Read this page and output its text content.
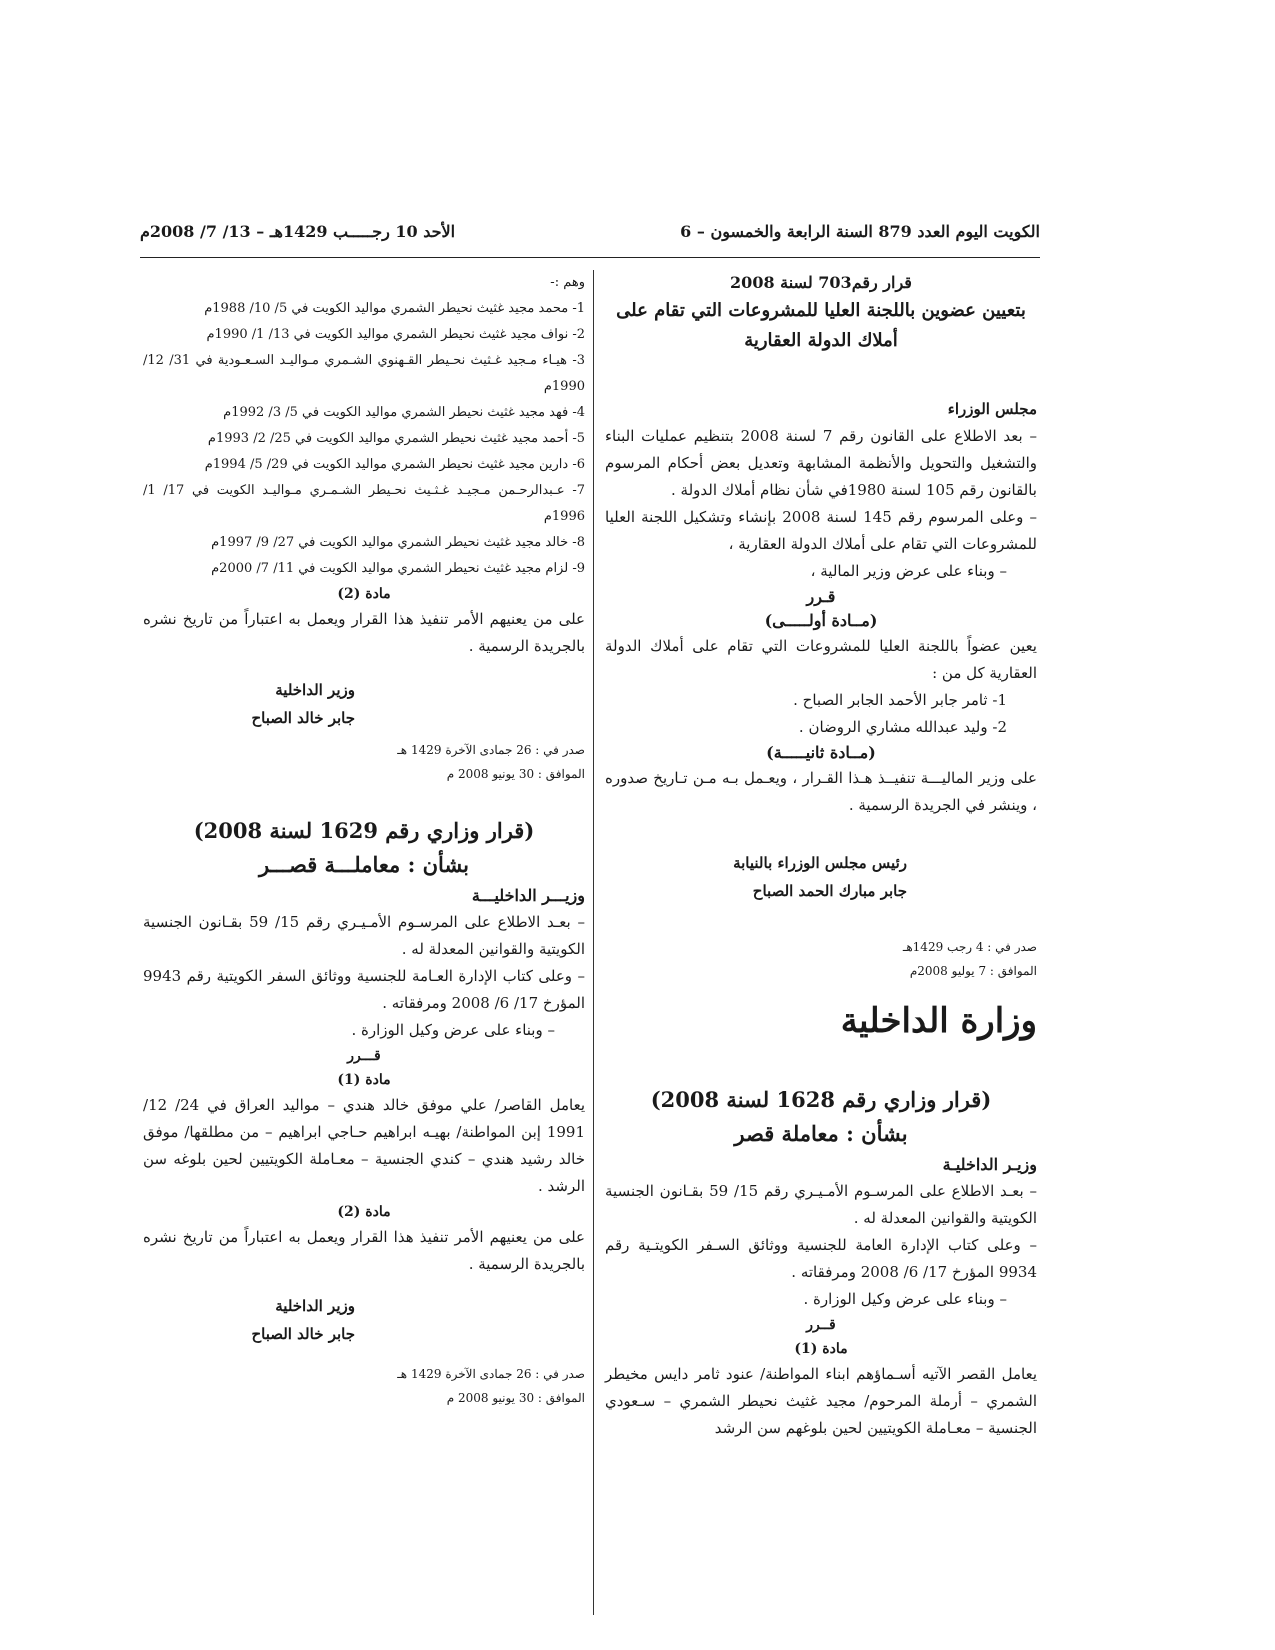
الكويت اليوم العدد 879 السنة الرابعة والخمسون – 6
الأحد 10 رجـــــب 1429هـ – 13/ 7/ 2008م

قرار رقم703 لسنة 2008

بتعيين عضوين باللجنة العليا للمشروعات التي تقام على أملاك الدولة العقارية

مجلس الوزراء

– بعد الاطلاع على القانون رقم 7 لسنة 2008 بتنظيم عمليات البناء والتشغيل والتحويل والأنظمة المشابهة وتعديل بعض أحكام المرسوم بالقانون رقم 105 لسنة 1980في شأن نظام أملاك الدولة .

– وعلى المرسوم رقم 145 لسنة 2008 بإنشاء وتشكيل اللجنة العليا للمشروعات التي تقام على أملاك الدولة العقارية ،

– وبناء على عرض وزير المالية ،

قـرر

(مــادة أولـــــى)

يعين عضواً باللجنة العليا للمشروعات التي تقام على أملاك الدولة العقارية كل من :

1- ثامر جابر الأحمد الجابر الصباح .

2- وليد عبدالله مشاري الروضان .

(مــادة ثانيـــــة)

على وزير الماليـــة تنفيــذ هـذا القـرار ، ويعـمل بـه مـن تـاريخ صدوره ، وينشر في الجريدة الرسمية .

رئيس مجلس الوزراء بالنيابة

جابر مبارك الحمد الصباح

صدر في : 4 رجب 1429هـ

الموافق : 7 يوليو 2008م

وزارة الداخلية

(قرار وزاري رقم 1628 لسنة 2008)

بشأن : معاملة قصر

وزيـر الداخليـة

– بعـد الاطلاع على المرسـوم الأمـيـري رقم 15/ 59 بقـانون الجنسية الكويتية والقوانين المعدلة له .

– وعلى كتاب الإدارة العامة للجنسية ووثائق السـفر الكويتـية رقم 9934 المؤرخ 17/ 6/ 2008 ومرفقاته .

– وبناء على عرض وكيل الوزارة .

قــرر

مادة (1)

يعامل القصر الآتيه أسـماؤهم ابناء المواطنة/ عنود ثامر دايس مخيطر الشمري – أرملة المرحوم/ مجيد غثيث نحيطر الشمري – سـعودي الجنسية – معـاملة الكويتيين لحين بلوغهم سن الرشد

وهم :-

1- محمد مجيد غثيث نحيطر الشمري مواليد الكويت في 5/ 10/ 1988م

2- نواف مجيد غثيث نحيطر الشمري مواليد الكويت في 13/ 1/ 1990م

3- هيـاء مـجيد غـثيث نحـيطر القـهنوي الشـمري مـواليـد السـعـودية في 31/ 12/ 1990م

4- فهد مجيد غثيث نحيطر الشمري مواليد الكويت في 5/ 3/ 1992م

5- أحمد مجيد غثيث نحيطر الشمري مواليد الكويت في 25/ 2/ 1993م

6- دارين مجيد غثيث نحيطر الشمري مواليد الكويت في 29/ 5/ 1994م

7- عـبدالرحـمن مـجيـد غـثـيث نحـيطر الشـمـري مـواليـد الكويت في 17/ 1/ 1996م

8- خالد مجيد غثيث نحيطر الشمري مواليد الكويت في 27/ 9/ 1997م

9- لزام مجيد غثيث نحيطر الشمري مواليد الكويت في 11/ 7/ 2000م

مادة (2)

على من يعنيهم الأمر تنفيذ هذا القرار ويعمل به اعتباراً من تاريخ نشره بالجريدة الرسمية .

وزير الداخلية

جابر خالد الصباح

صدر في : 26 جمادى الآخرة 1429 هـ

الموافق : 30 يونيو 2008 م

(قرار وزاري رقم 1629 لسنة 2008)

بشأن : معاملـــة قصـــر

وزيـــر الداخليـــة

– بعـد الاطلاع على المرسـوم الأمـيـري رقم 15/ 59 بقـانون الجنسية الكويتية والقوانين المعدلة له .

– وعلى كتاب الإدارة العـامة للجنسية ووثائق السفر الكويتية رقم 9943 المؤرخ 17/ 6/ 2008 ومرفقاته .

– وبناء على عرض وكيل الوزارة .

قـــرر

مادة (1)

يعامل القاصر/ علي موفق خالد هندي – مواليد العراق في 24/ 12/ 1991 إبن المواطنة/ بهيـه ابراهيم حـاجي ابراهيم – من مطلقها/ موفق خالد رشيد هندي – كندي الجنسية – معـاملة الكويتيين لحين بلوغه سن الرشد .

مادة (2)

على من يعنيهم الأمر تنفيذ هذا القرار ويعمل به اعتباراً من تاريخ نشره بالجريدة الرسمية .

وزير الداخلية

جابر خالد الصباح

صدر في : 26 جمادى الآخرة 1429 هـ

الموافق : 30 يونيو 2008 م
